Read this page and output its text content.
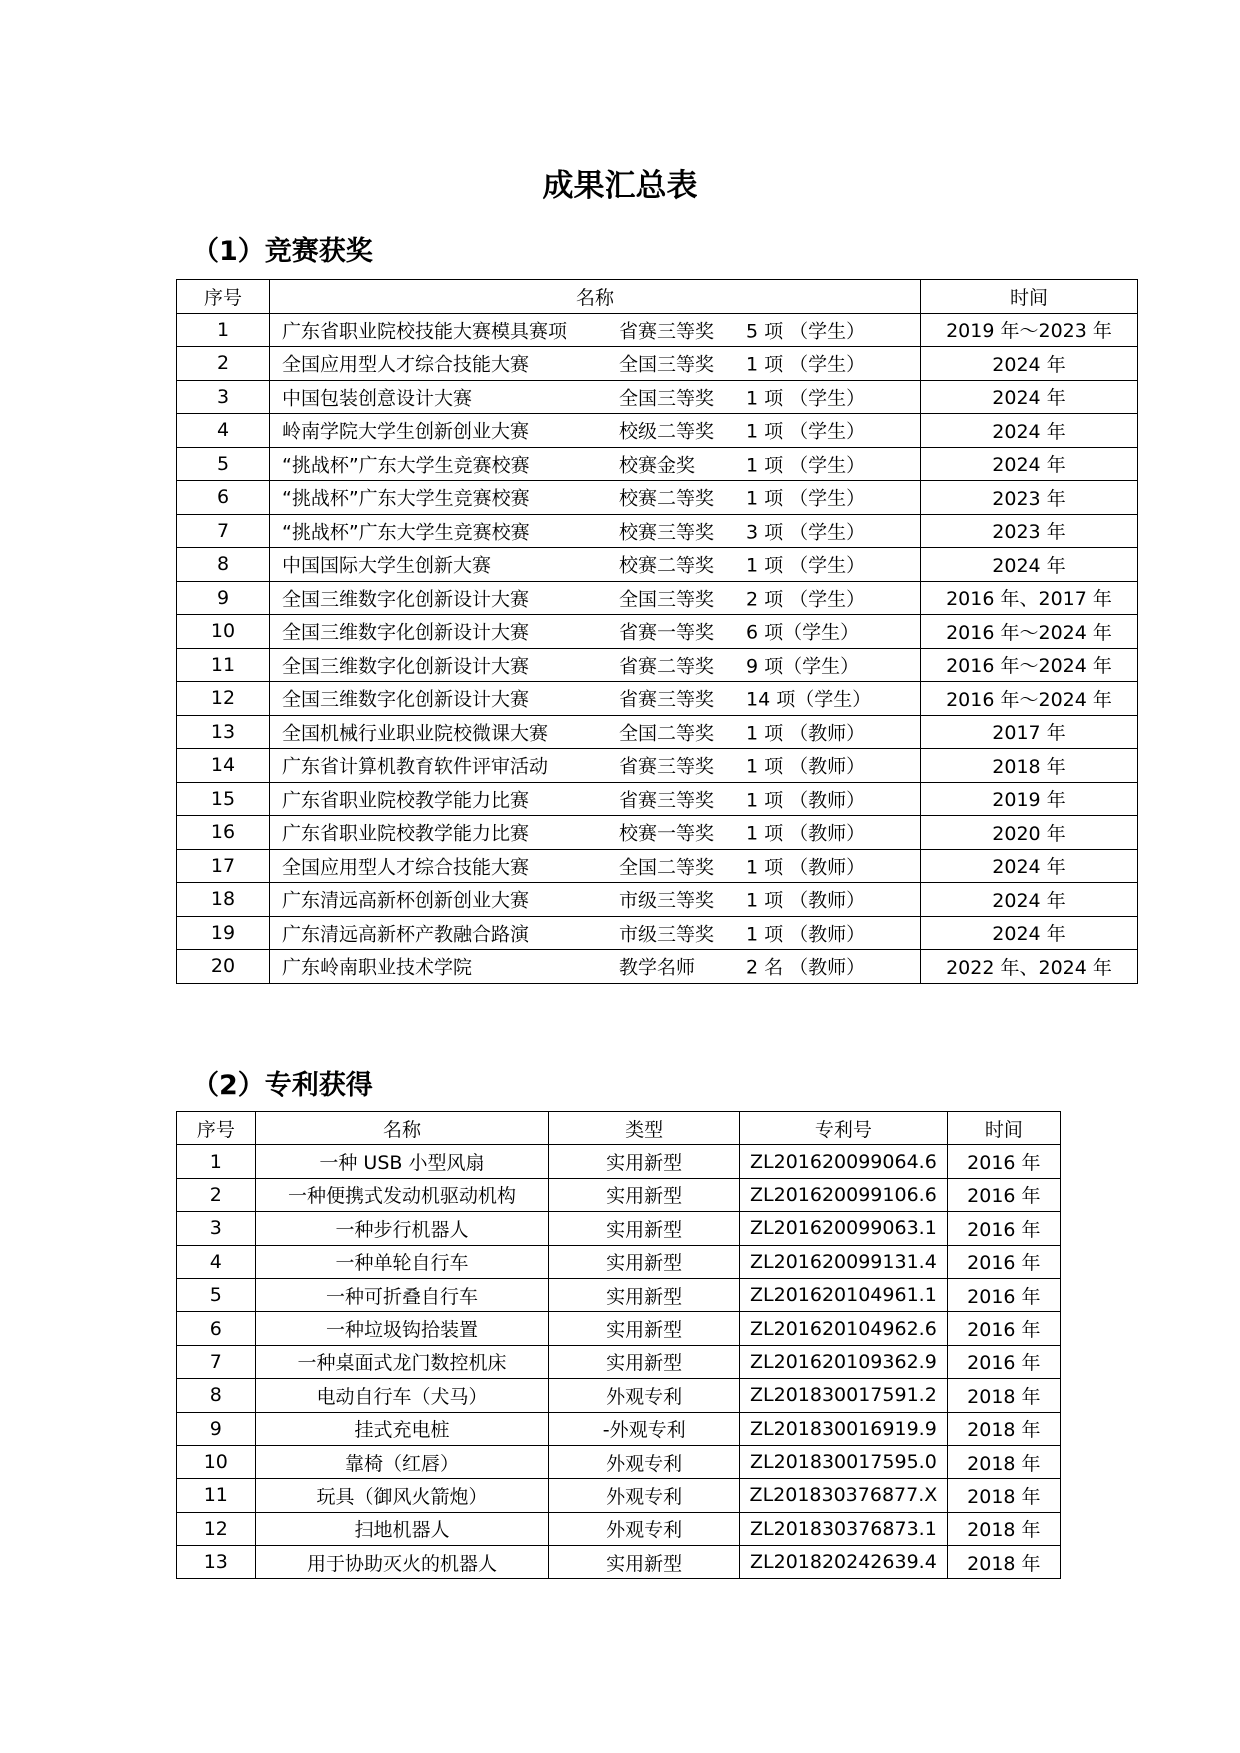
成果汇总表
（1）竞赛获奖
序号	名称	时间
1	广东省职业院校技能大赛模具赛项 省赛三等奖 5 项 （学生）	2019 年～2023 年
2	全国应用型人才综合技能大赛 全国三等奖 1 项 （学生）	2024 年
3	中国包装创意设计大赛 全国三等奖 1 项 （学生）	2024 年
4	岭南学院大学生创新创业大赛 校级二等奖 1 项 （学生）	2024 年
5	“挑战杯”广东大学生竞赛校赛 校赛金奖 1 项 （学生）	2024 年
6	“挑战杯”广东大学生竞赛校赛 校赛二等奖 1 项 （学生）	2023 年
7	“挑战杯”广东大学生竞赛校赛 校赛三等奖 3 项 （学生）	2023 年
8	中国国际大学生创新大赛 校赛二等奖 1 项 （学生）	2024 年
9	全国三维数字化创新设计大赛 全国三等奖 2 项 （学生）	2016 年、2017 年
10	全国三维数字化创新设计大赛 省赛一等奖 6 项（学生）	2016 年～2024 年
11	全国三维数字化创新设计大赛 省赛二等奖 9 项（学生）	2016 年～2024 年
12	全国三维数字化创新设计大赛 省赛三等奖 14 项（学生）	2016 年～2024 年
13	全国机械行业职业院校微课大赛 全国二等奖 1 项 （教师）	2017 年
14	广东省计算机教育软件评审活动 省赛三等奖 1 项 （教师）	2018 年
15	广东省职业院校教学能力比赛 省赛三等奖 1 项 （教师）	2019 年
16	广东省职业院校教学能力比赛 校赛一等奖 1 项 （教师）	2020 年
17	全国应用型人才综合技能大赛 全国二等奖 1 项 （教师）	2024 年
18	广东清远高新杯创新创业大赛 市级三等奖 1 项 （教师）	2024 年
19	广东清远高新杯产教融合路演 市级三等奖 1 项 （教师）	2024 年
20	广东岭南职业技术学院 教学名师 2 名 （教师）	2022 年、2024 年
（2）专利获得
序号	名称	类型	专利号	时间
1	一种 USB 小型风扇	实用新型	ZL201620099064.6	2016 年
2	一种便携式发动机驱动机构	实用新型	ZL201620099106.6	2016 年
3	一种步行机器人	实用新型	ZL201620099063.1	2016 年
4	一种单轮自行车	实用新型	ZL201620099131.4	2016 年
5	一种可折叠自行车	实用新型	ZL201620104961.1	2016 年
6	一种垃圾钩拾装置	实用新型	ZL201620104962.6	2016 年
7	一种桌面式龙门数控机床	实用新型	ZL201620109362.9	2016 年
8	电动自行车（犬马）	外观专利	ZL201830017591.2	2018 年
9	挂式充电桩	-外观专利	ZL201830016919.9	2018 年
10	靠椅（红唇）	外观专利	ZL201830017595.0	2018 年
11	玩具（御风火箭炮）	外观专利	ZL201830376877.X	2018 年
12	扫地机器人	外观专利	ZL201830376873.1	2018 年
13	用于协助灭火的机器人	实用新型	ZL201820242639.4	2018 年
